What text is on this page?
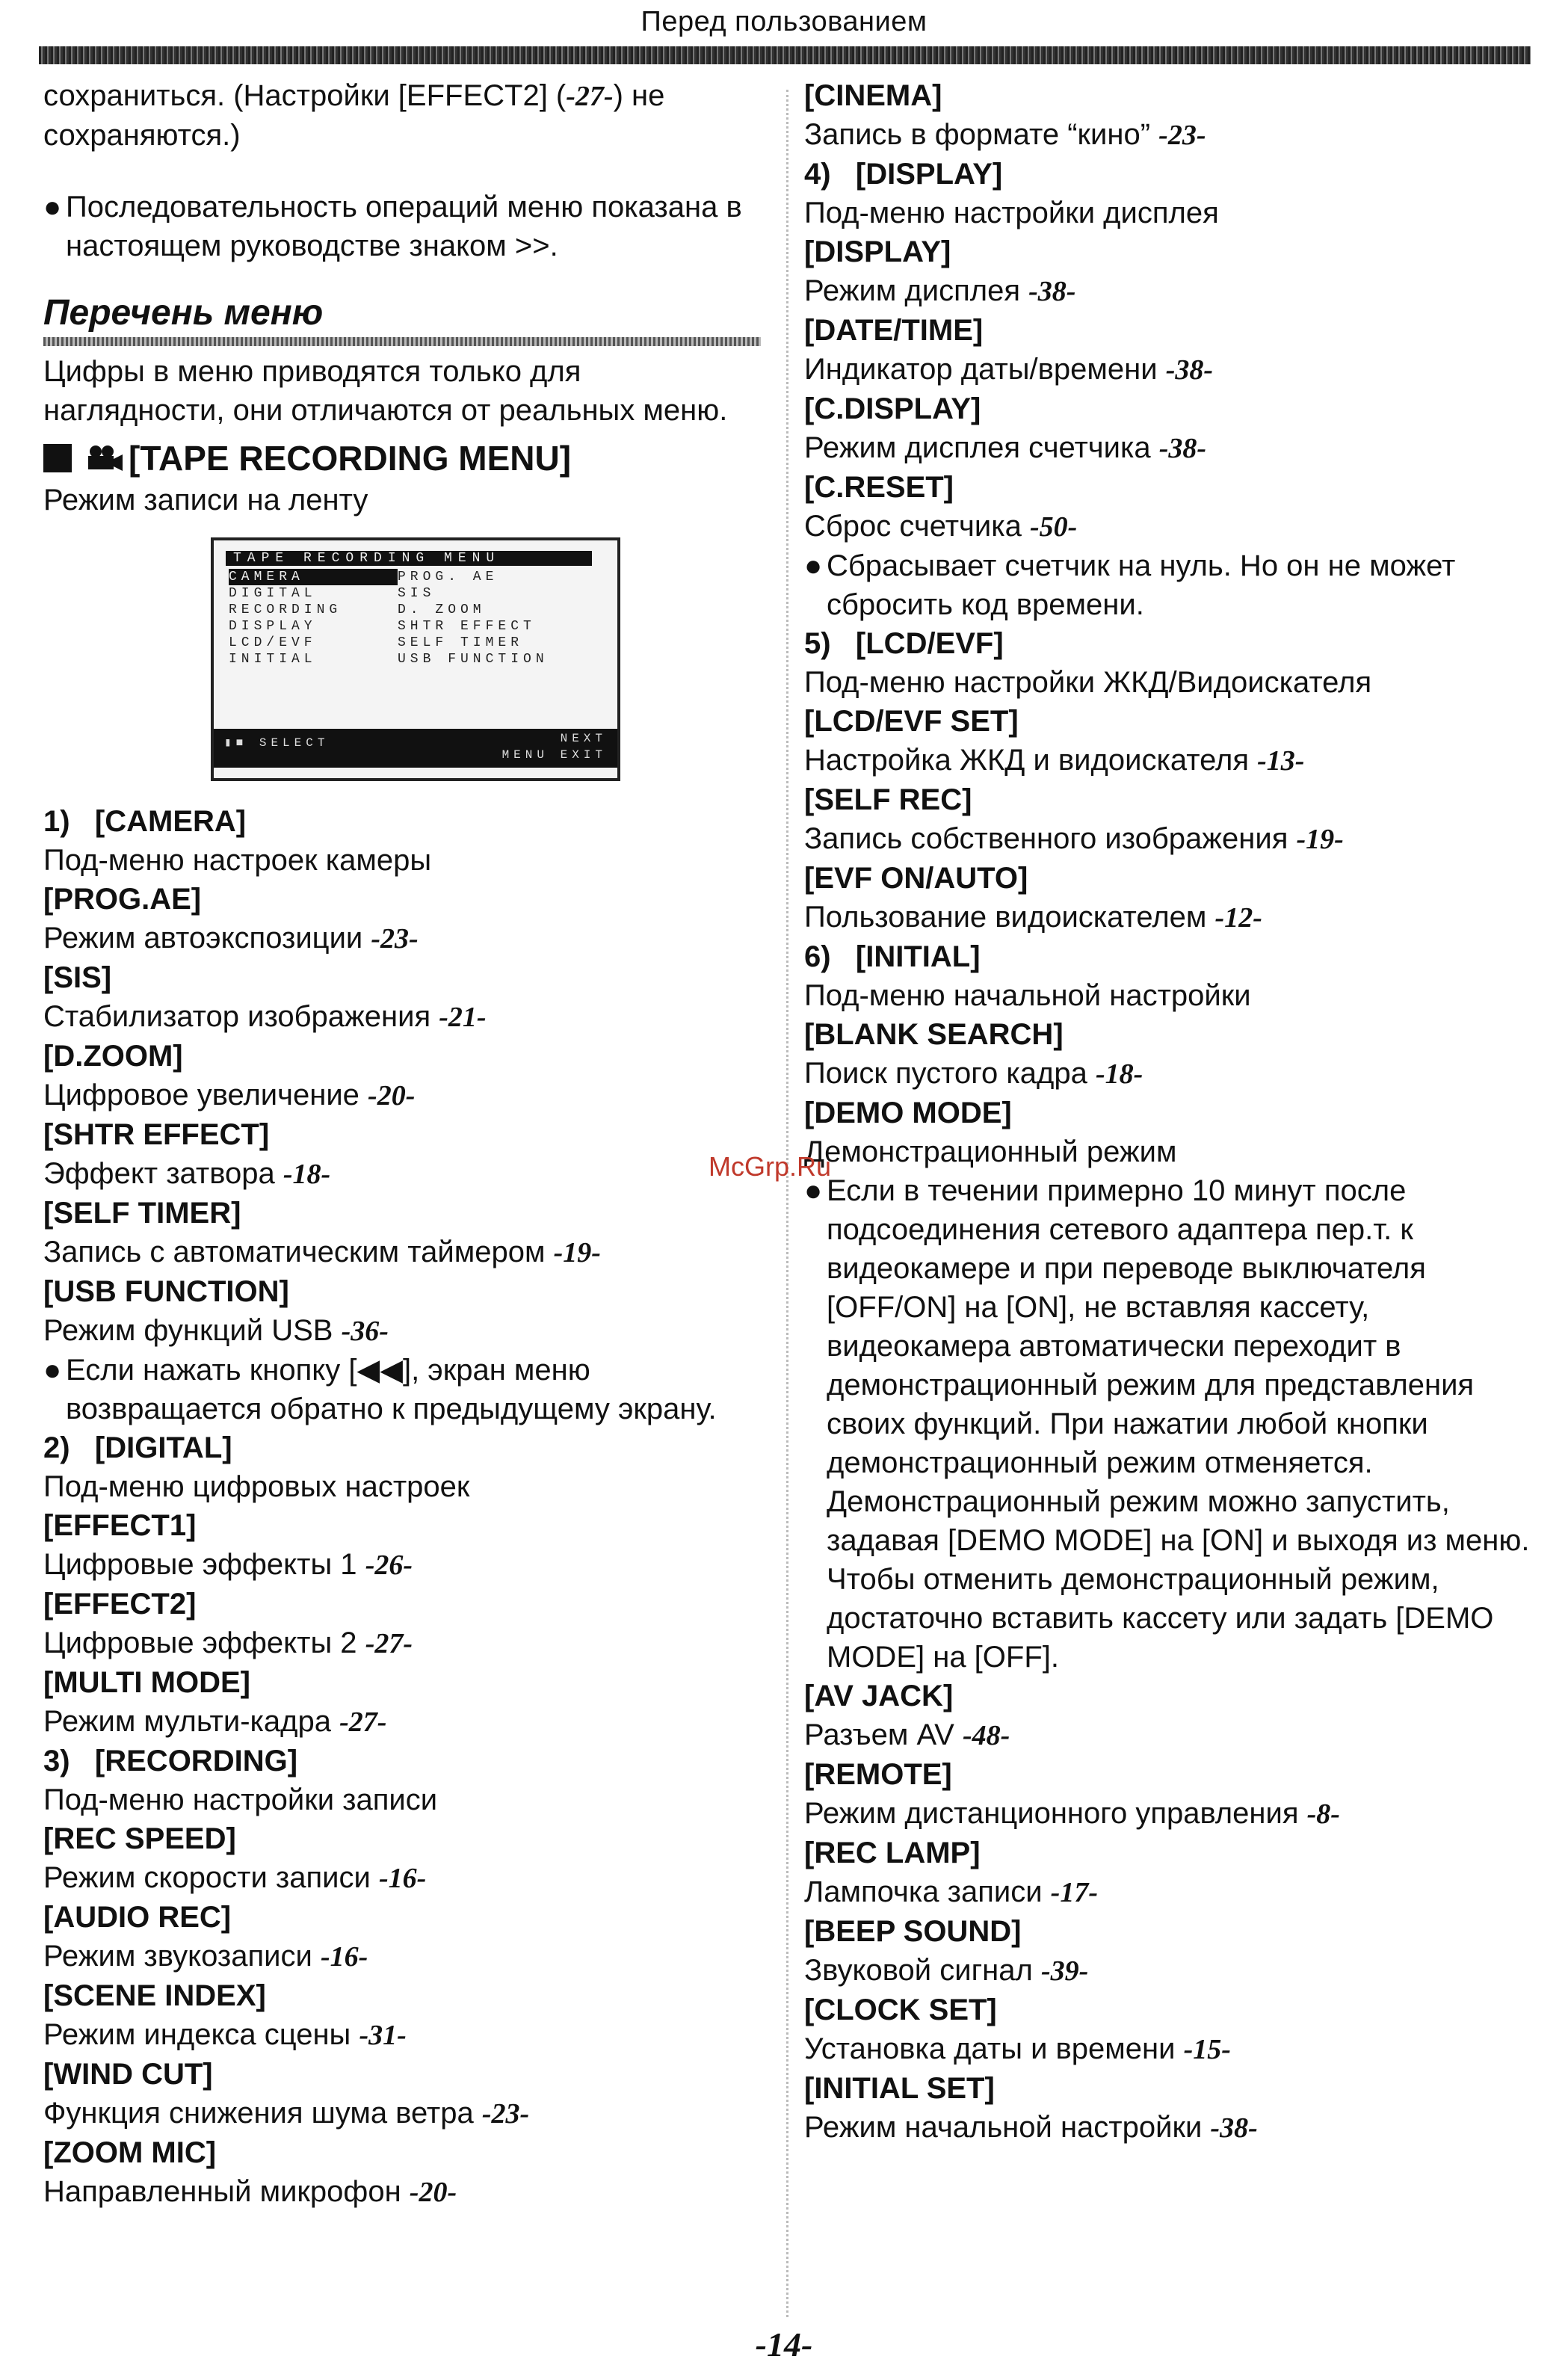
Перед пользованием

сохраниться. (Настройки [EFFECT2] (-27-) не сохраняются.)

● Последовательность операций меню показана в настоящем руководстве знаком >>.
Перечень меню

Цифры в меню приводятся только для наглядности, они отличаются от реальных меню.

[TAPE RECORDING MENU]

Режим записи на ленту

TAPE RECORDING MENU
CAMERA	PROG. AE
DIGITAL	SIS
RECORDING	D. ZOOM
DISPLAY	SHTR EFFECT
LCD/EVF	SELF TIMER
INITIAL	USB FUNCTION
▮■ SELECT	NEXT
MENU EXIT

1) [CAMERA]

Под-меню настроек камеры

[PROG.AE]

Режим автоэкспозиции -23-

[SIS]

Стабилизатор изображения -21-

[D.ZOOM]

Цифровое увеличение -20-

[SHTR EFFECT]

Эффект затвора -18-

[SELF TIMER]

Запись с автоматическим таймером -19-

[USB FUNCTION]

Режим функций USB -36-

● Если нажать кнопку [◀◀], экран меню возвращается обратно к предыдущему экрану.

2) [DIGITAL]

Под-меню цифровых настроек

[EFFECT1]

Цифровые эффекты 1 -26-

[EFFECT2]

Цифровые эффекты 2 -27-

[MULTI MODE]

Режим мульти-кадра -27-

3) [RECORDING]

Под-меню настройки записи

[REC SPEED]

Режим скорости записи -16-

[AUDIO REC]

Режим звукозаписи -16-

[SCENE INDEX]

Режим индекса сцены -31-

[WIND CUT]

Функция снижения шума ветра -23-

[ZOOM MIC]

Направленный микрофон -20-

[CINEMA]

Запись в формате “кино” -23-

4) [DISPLAY]

Под-меню настройки дисплея

[DISPLAY]

Режим дисплея -38-

[DATE/TIME]

Индикатор даты/времени -38-

[C.DISPLAY]

Режим дисплея счетчика -38-

[C.RESET]

Сброс счетчика -50-

● Сбрасывает счетчик на нуль. Но он не может сбросить код времени.

5) [LCD/EVF]

Под-меню настройки ЖКД/Видоискателя

[LCD/EVF SET]

Настройка ЖКД и видоискателя -13-

[SELF REC]

Запись собственного изображения -19-

[EVF ON/AUTO]

Пользование видоискателем -12-

6) [INITIAL]

Под-меню начальной настройки

[BLANK SEARCH]

Поиск пустого кадра -18-

[DEMO MODE]

Демонстрационный режим

● Если в течении примерно 10 минут после подсоединения сетевого адаптера пер.т. к видеокамере и при переводе выключателя [OFF/ON] на [ON], не вставляя кассету, видеокамера автоматически переходит в демонстрационный режим для представления своих функций. При нажатии любой кнопки демонстрационный режим отменяется. Демонстрационный режим можно запустить, задавая [DEMO MODE] на [ON] и выходя из меню. Чтобы отменить демонстрационный режим, достаточно вставить кассету или задать [DEMO MODE] на [OFF].

[AV JACK]

Разъем AV -48-

[REMOTE]

Режим дистанционного управления -8-

[REC LAMP]

Лампочка записи -17-

[BEEP SOUND]

Звуковой сигнал -39-

[CLOCK SET]

Установка даты и времени -15-

[INITIAL SET]

Режим начальной настройки -38-

McGrp.Ru
-14-
